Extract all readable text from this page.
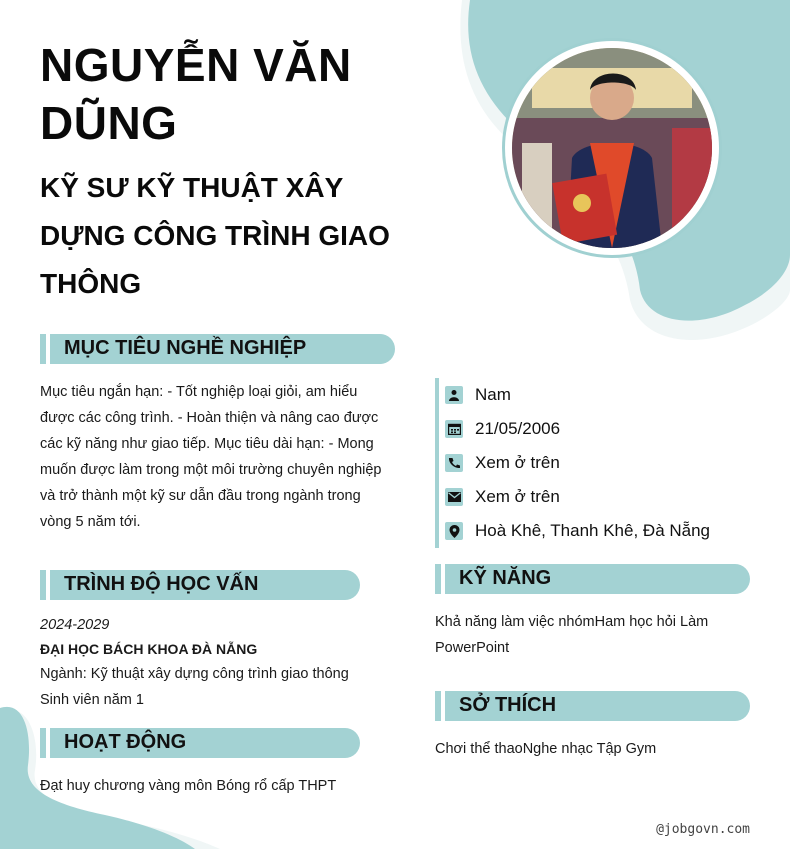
NGUYỄN VĂN
DŨNG
KỸ SƯ KỸ THUẬT XÂY
DỰNG CÔNG TRÌNH GIAO
THÔNG
MỤC TIÊU NGHỀ NGHIỆP
Mục tiêu ngắn hạn: - Tốt nghiệp loại giỏi, am hiểu
được các công trình. - Hoàn thiện và nâng cao được
các kỹ năng như giao tiếp. Mục tiêu dài hạn: - Mong
muốn được làm trong một môi trường chuyên nghiệp
và trở thành một kỹ sư dẫn đầu trong ngành trong
vòng 5 năm tới.
TRÌNH ĐỘ HỌC VẤN
2024-2029
ĐẠI HỌC BÁCH KHOA ĐÀ NẴNG
Ngành: Kỹ thuật xây dựng công trình giao thông
Sinh viên năm 1
HOẠT ĐỘNG
Đạt huy chương vàng môn Bóng rổ cấp THPT
Nam
21/05/2006
Xem ở trên
Xem ở trên
Hoà Khê, Thanh Khê, Đà Nẵng
KỸ NĂNG
Khả năng làm việc nhómHam học hỏi Làm
PowerPoint
SỞ THÍCH
Chơi thể thaoNghe nhạc Tập Gym
@jobgovn.com
